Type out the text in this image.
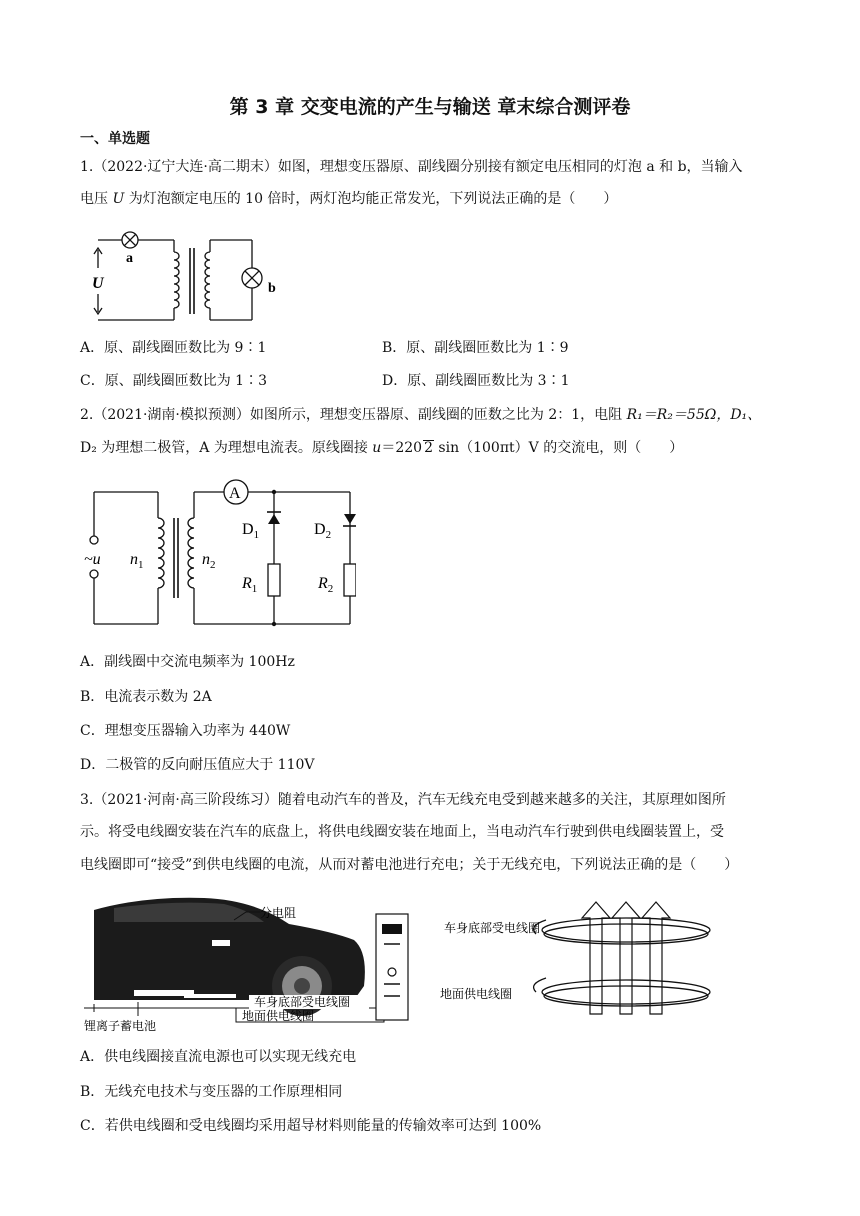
第 3 章 交变电流的产生与输送 章末综合测评卷
一、单选题
1.（2022·辽宁大连·高二期末）如图，理想变压器原、副线圈分别接有额定电压相同的灯泡 a 和 b，当输入
电压 U 为灯泡额定电压的 10 倍时，两灯泡均能正常发光，下列说法正确的是（　　）
U
a
b
A．原、副线圈匝数比为 9∶1	B．原、副线圈匝数比为 1∶9
C．原、副线圈匝数比为 1∶3	D．原、副线圈匝数比为 3∶1
2.（2021·湖南·模拟预测）如图所示，理想变压器原、副线圈的匝数之比为 2：1，电阻 R₁＝R₂＝55Ω，D₁、
D₂ 为理想二极管，A 为理想电流表。原线圈接 u＝220 2 sin（100πt）V 的交流电，则（　　）
A
~u $n_1$	$n_2$
$D_1$	$D_2$
$R_1$	$R_2$
A．副线圈中交流电频率为 100Hz
B．电流表示数为 2A
C．理想变压器输入功率为 440W
D．二极管的反向耐压值应大于 110V
3.（2021·河南·高三阶段练习）随着电动汽车的普及，汽车无线充电受到越来越多的关注，其原理如图所
示。将受电线圈安装在汽车的底盘上，将供电线圈安装在地面上，当电动汽车行驶到供电线圈装置上，受
电线圈即可“接受”到供电线圈的电流，从而对蓄电池进行充电；关于无线充电，下列说法正确的是（　　）
分电阻
车身底部受电线圈
地面供电线圈
锂离子蓄电池
车身底部受电线圈
地面供电线圈
A．供电线圈接直流电源也可以实现无线充电
B．无线充电技术与变压器的工作原理相同
C．若供电线圈和受电线圈均采用超导材料则能量的传输效率可达到 100%
